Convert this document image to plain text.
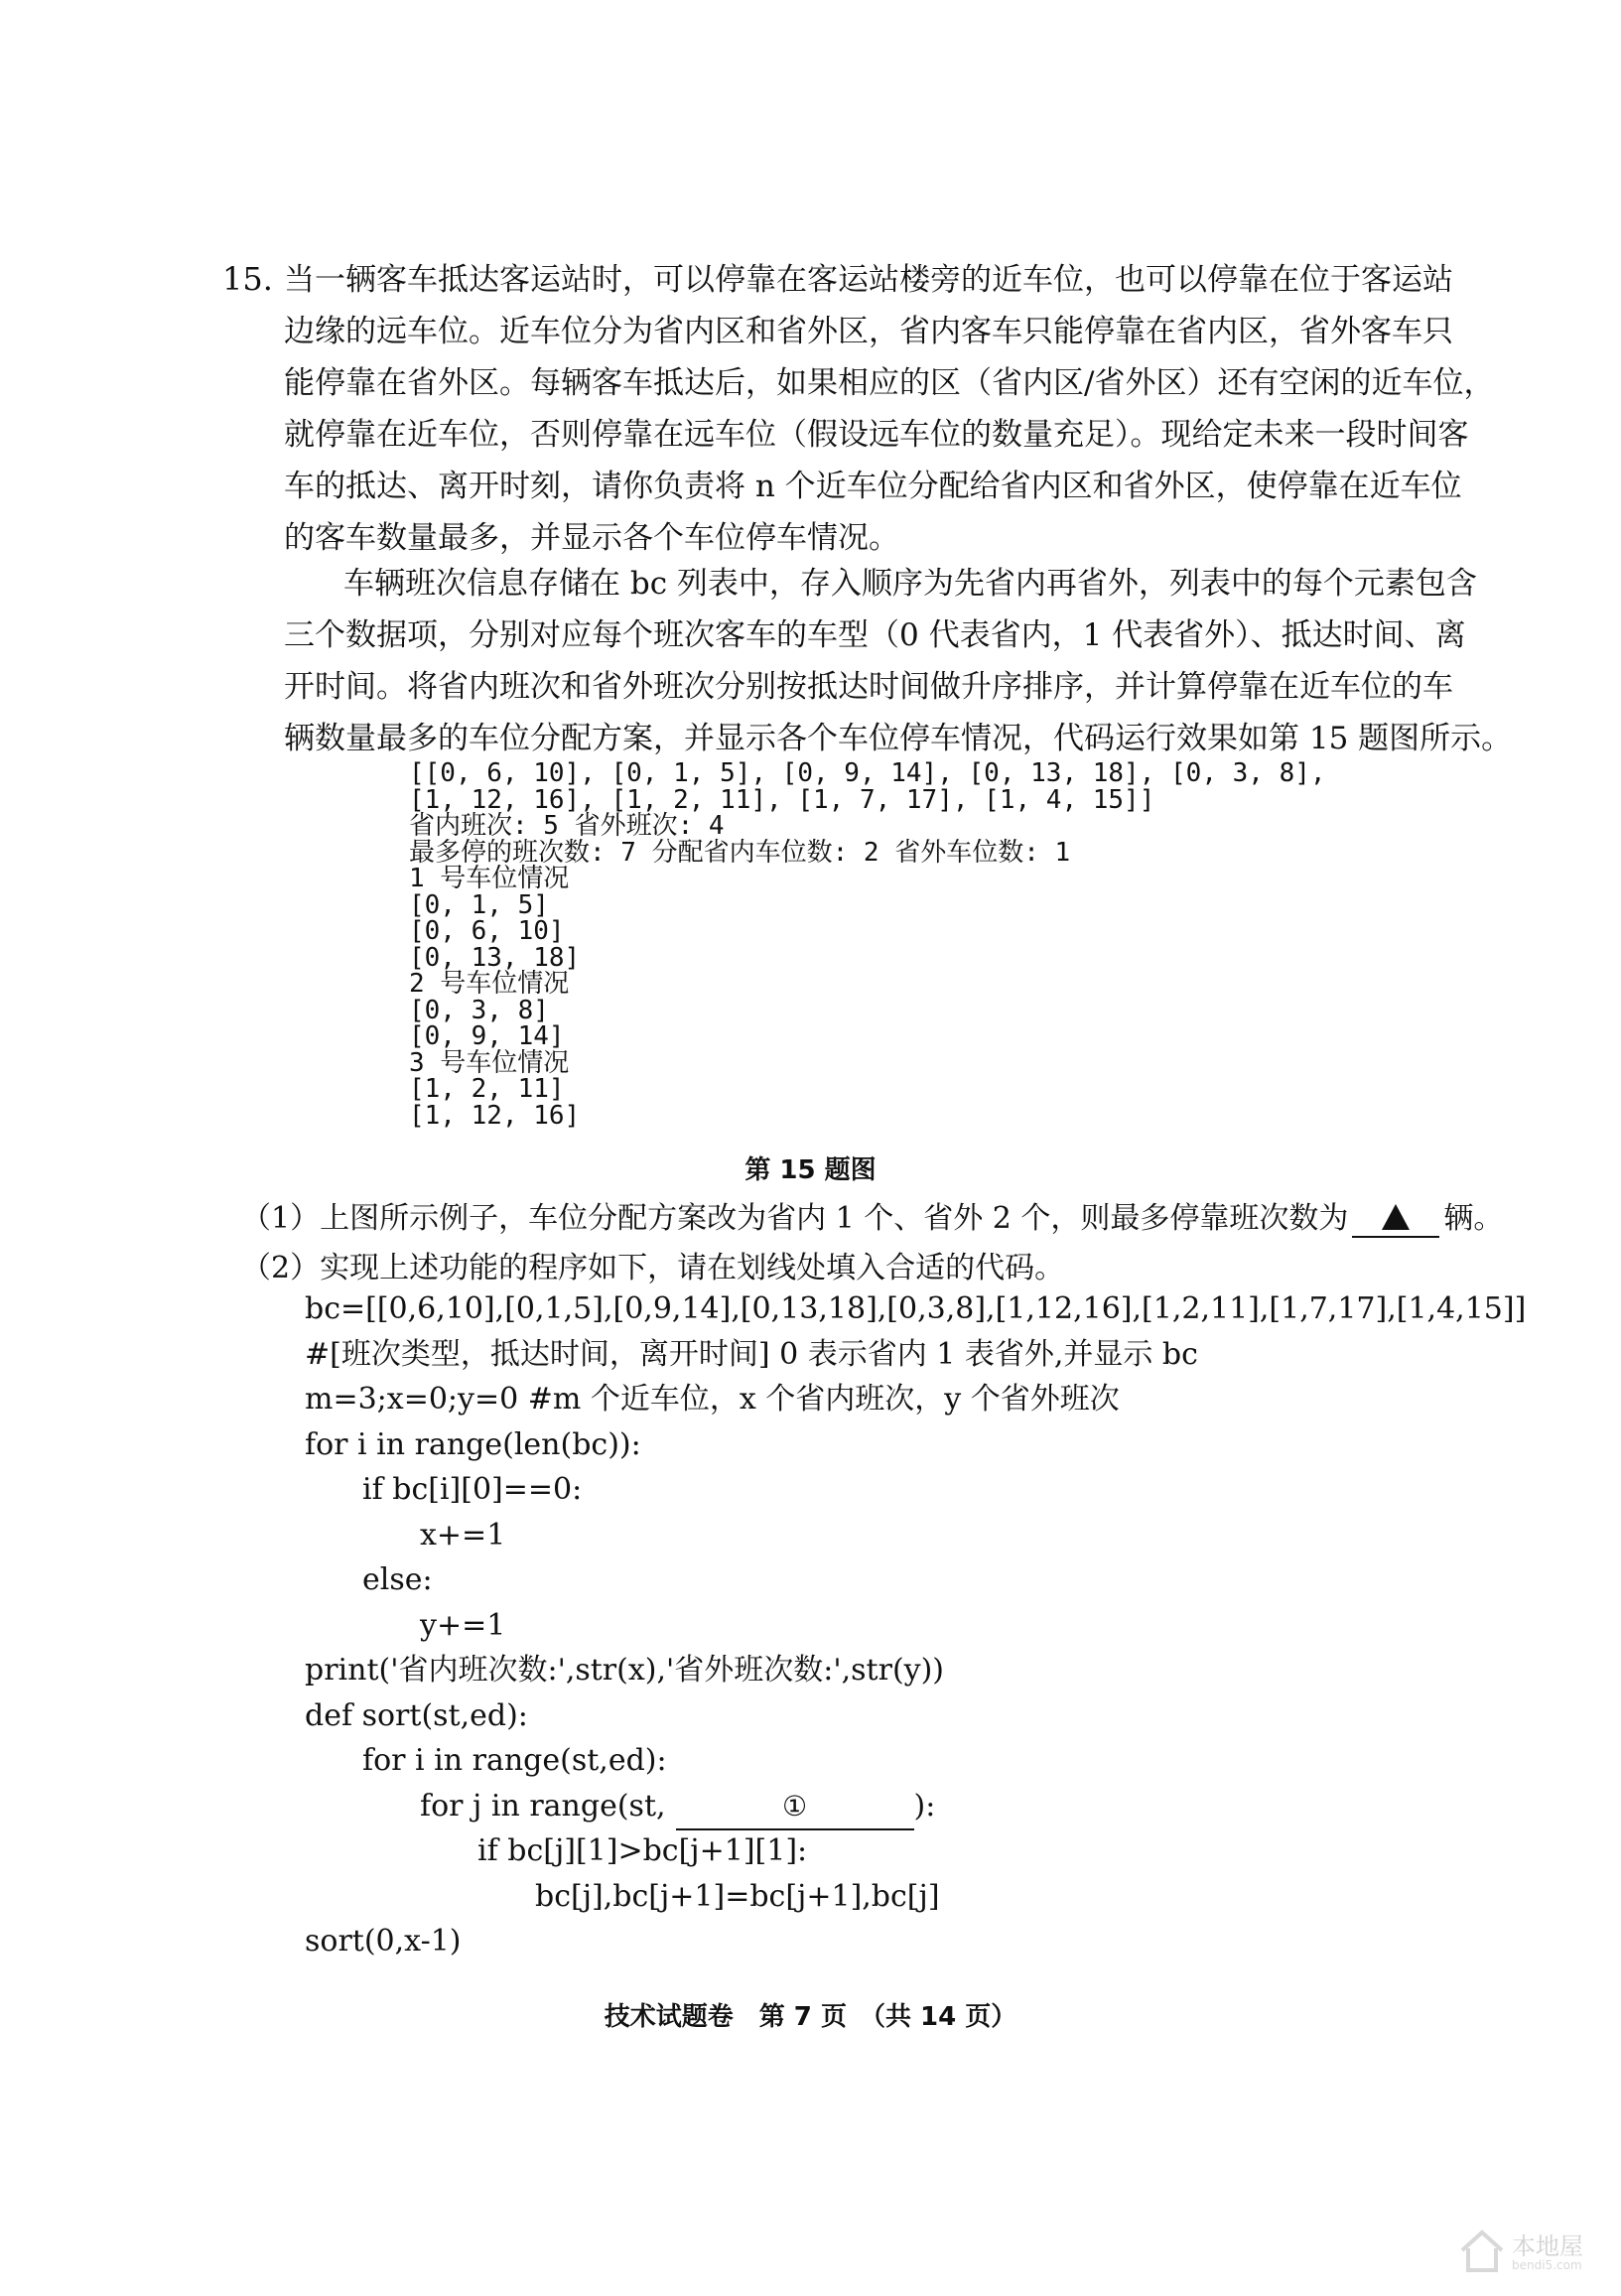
15. 当一辆客车抵达客运站时，可以停靠在客运站楼旁的近车位，也可以停靠在位于客运站
边缘的远车位。近车位分为省内区和省外区，省内客车只能停靠在省内区，省外客车只
能停靠在省外区。每辆客车抵达后，如果相应的区（省内区/省外区）还有空闲的近车位，
就停靠在近车位，否则停靠在远车位（假设远车位的数量充足）。现给定未来一段时间客
车的抵达、离开时刻，请你负责将 n 个近车位分配给省内区和省外区，使停靠在近车位
的客车数量最多，并显示各个车位停车情况。
车辆班次信息存储在 bc 列表中，存入顺序为先省内再省外，列表中的每个元素包含
三个数据项，分别对应每个班次客车的车型（0 代表省内，1 代表省外）、抵达时间、离
开时间。将省内班次和省外班次分别按抵达时间做升序排序，并计算停靠在近车位的车
辆数量最多的车位分配方案，并显示各个车位停车情况，代码运行效果如第 15 题图所示。
[[0, 6, 10], [0, 1, 5], [0, 9, 14], [0, 13, 18], [0, 3, 8],
[1, 12, 16], [1, 2, 11], [1, 7, 17], [1, 4, 15]]
省内班次: 5 省外班次: 4
最多停的班次数: 7 分配省内车位数: 2 省外车位数: 1
1 号车位情况
[0, 1, 5]
[0, 6, 10]
[0, 13, 18]
2 号车位情况
[0, 3, 8]
[0, 9, 14]
3 号车位情况
[1, 2, 11]
[1, 12, 16]
第 15 题图
（1）上图所示例子，车位分配方案改为省内 1 个、省外 2 个，则最多停靠班次数为	辆。
（2）实现上述功能的程序如下，请在划线处填入合适的代码。
bc=[[0,6,10],[0,1,5],[0,9,14],[0,13,18],[0,3,8],[1,12,16],[1,2,11],[1,7,17],[1,4,15]]
#[班次类型，抵达时间，离开时间] 0 表示省内 1 表省外,并显示 bc
m=3;x=0;y=0 #m 个近车位，x 个省内班次，y 个省外班次
for i in range(len(bc)):
if bc[i][0]==0:
x+=1
else:
y+=1
print('省内班次数:',str(x),'省外班次数:',str(y))
def sort(st,ed):
for i in range(st,ed):
for j in range(st,	①	):
if bc[j][1]>bc[j+1][1]:
bc[j],bc[j+1]=bc[j+1],bc[j]
sort(0,x-1)
技术试题卷　第 7 页　（共 14 页）
本地屋
bendi5.com
